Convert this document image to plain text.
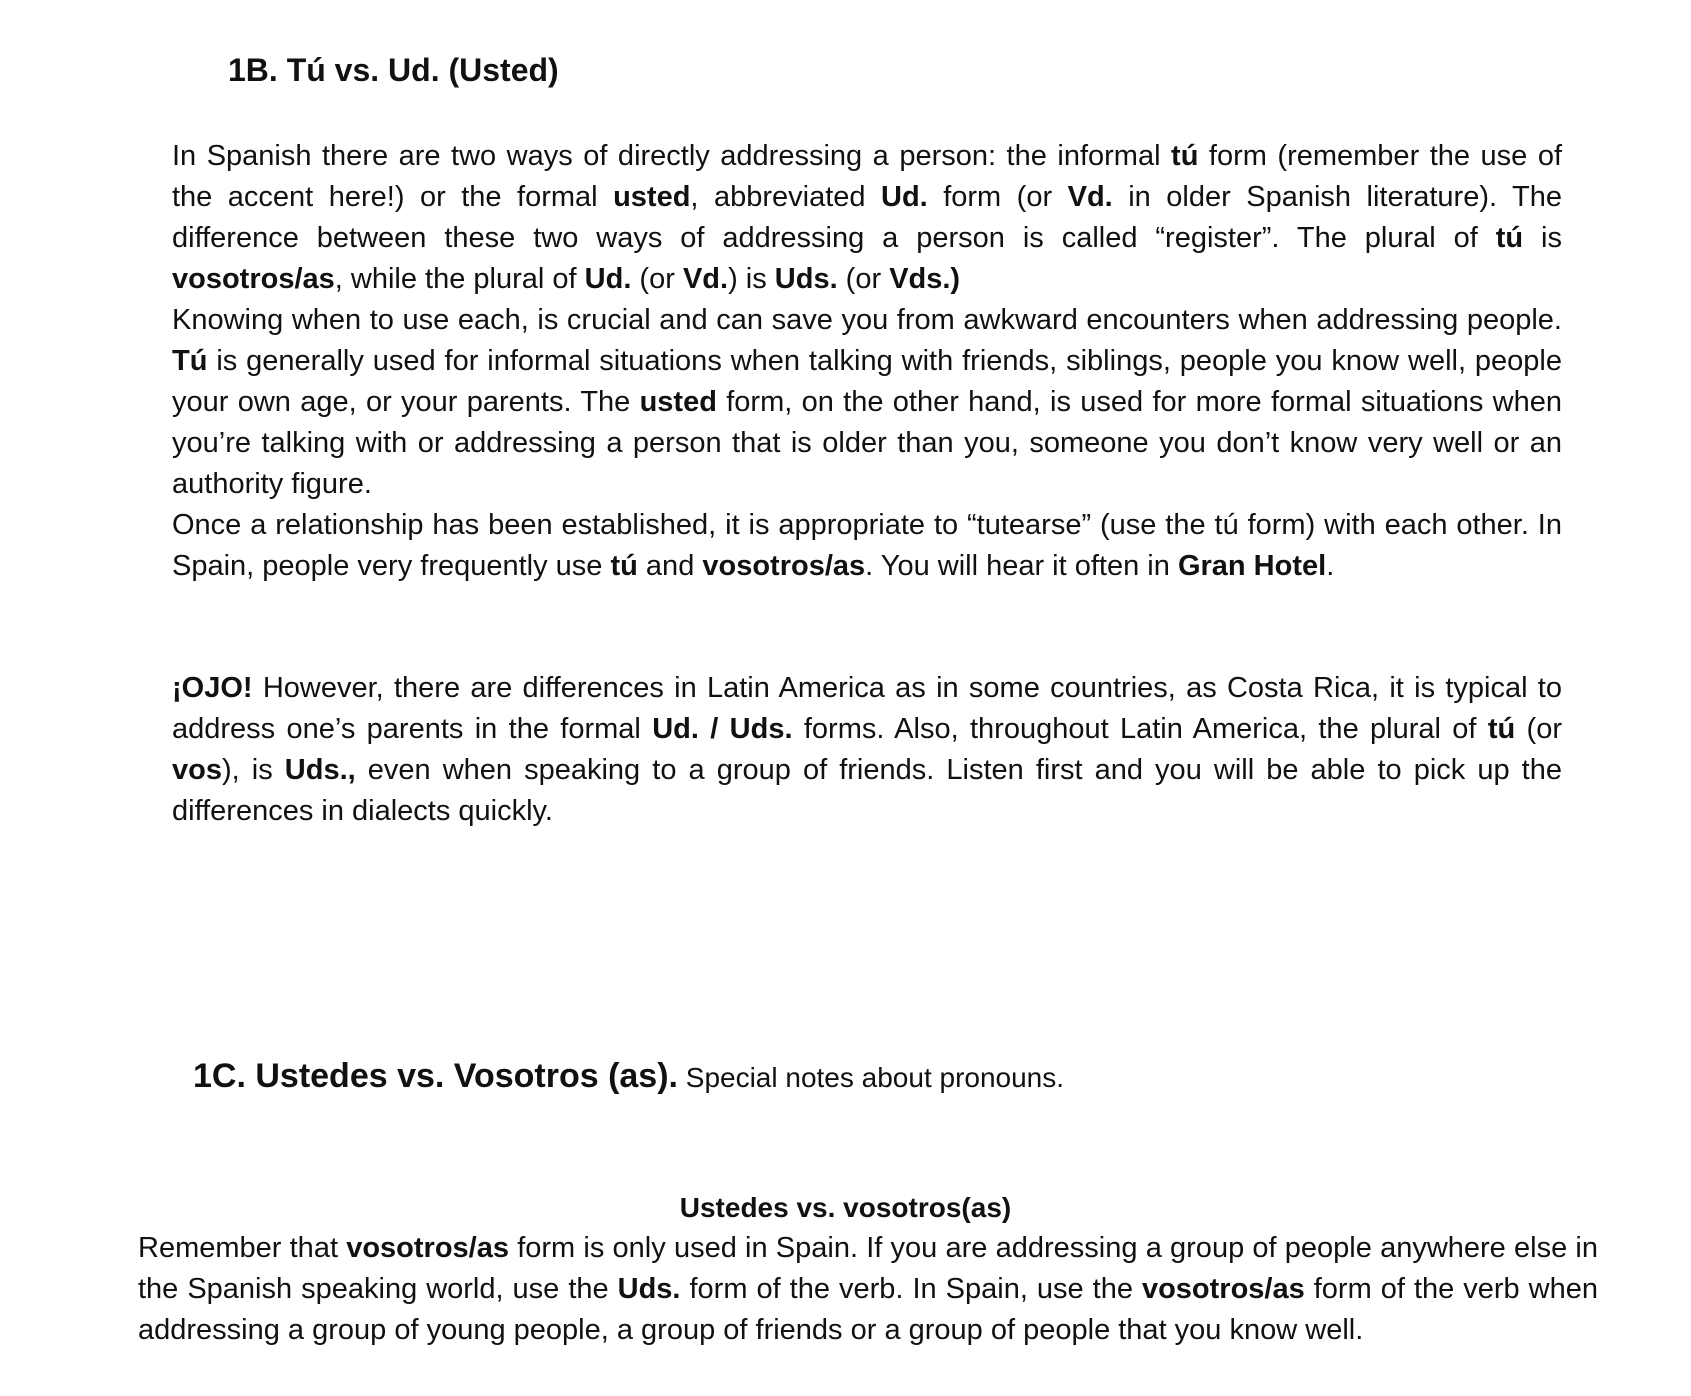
1B. Tú vs. Ud. (Usted)

In Spanish there are two ways of directly addressing a person: the informal tú form (remember the use of the accent here!) or the formal usted, abbreviated Ud. form (or Vd. in older Spanish literature). The difference between these two ways of addressing a person is called “register”. The plural of tú is vosotros/as, while the plural of Ud. (or Vd.) is Uds. (or Vds.)

Knowing when to use each, is crucial and can save you from awkward encounters when addressing people. Tú is generally used for informal situations when talking with friends, siblings, people you know well, people your own age, or your parents. The usted form, on the other hand, is used for more formal situations when you’re talking with or addressing a person that is older than you, someone you don’t know very well or an authority figure.

Once a relationship has been established, it is appropriate to “tutearse” (use the tú form) with each other. In Spain, people very frequently use tú and vosotros/as. You will hear it often in Gran Hotel.

¡OJO! However, there are differences in Latin America as in some countries, as Costa Rica, it is typical to address one’s parents in the formal Ud. / Uds. forms. Also, throughout Latin America, the plural of tú (or vos), is Uds., even when speaking to a group of friends. Listen first and you will be able to pick up the differences in dialects quickly.

1C. Ustedes vs. Vosotros (as). Special notes about pronouns.
Ustedes vs. vosotros(as)

Remember that vosotros/as form is only used in Spain. If you are addressing a group of people anywhere else in the Spanish speaking world, use the Uds. form of the verb. In Spain, use the vosotros/as form of the verb when addressing a group of young people, a group of friends or a group of people that you know well.
